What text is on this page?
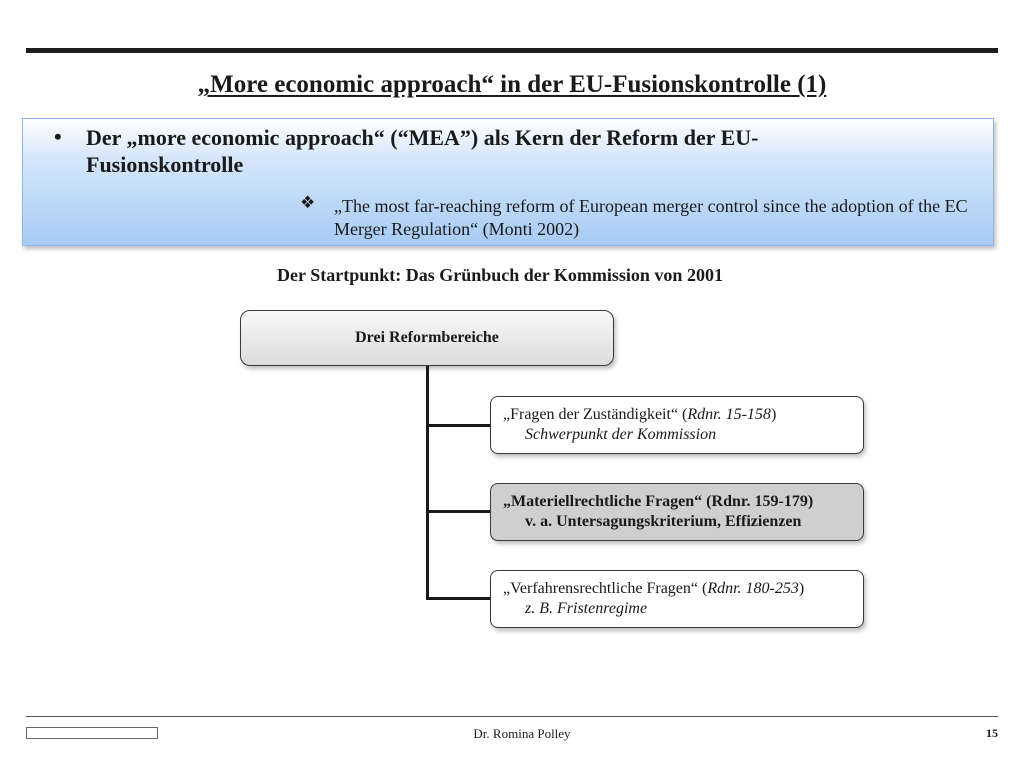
„More economic approach“ in der EU-Fusionskontrolle (1)
• Der „more economic approach“ (“MEA”) als Kern der Reform der EU-Fusionskontrolle
❖ „The most far-reaching reform of European merger control since the adoption of the EC Merger Regulation“ (Monti 2002)
Der Startpunkt: Das Grünbuch der Kommission von 2001
Drei Reformbereiche
„Fragen der Zuständigkeit“ (Rdnr. 15-158)
Schwerpunkt der Kommission
„Materiellrechtliche Fragen“ (Rdnr. 159-179)
v. a. Untersagungskriterium, Effizienzen
„Verfahrensrechtliche Fragen“ (Rdnr. 180-253)
z. B. Fristenregime
Dr. Romina Polley	15
